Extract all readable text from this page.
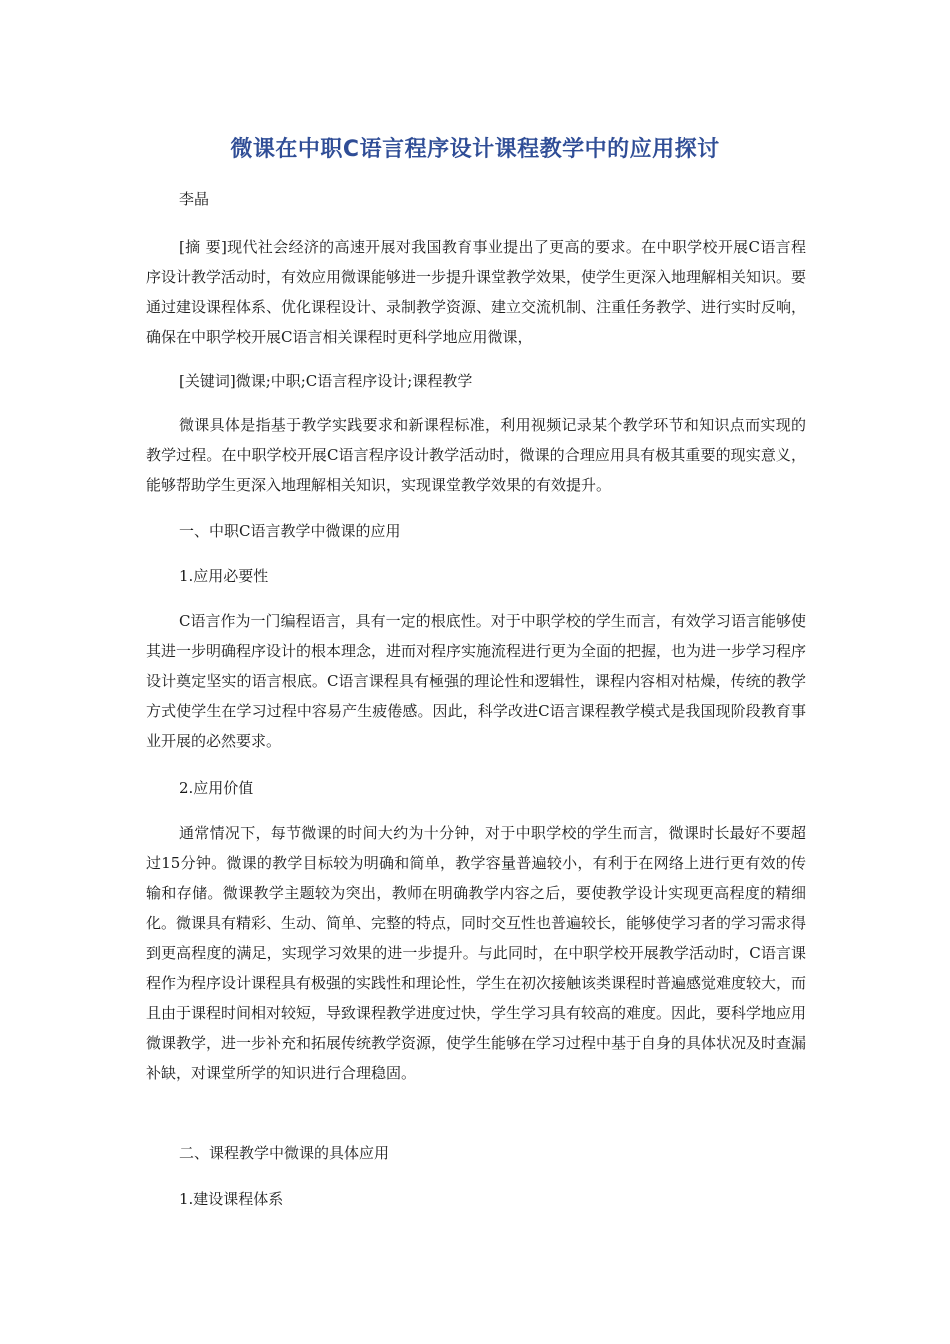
微课在中职C语言程序设计课程教学中的应用探讨
李晶

[摘 要]现代社会经济的高速开展对我国教育事业提出了更高的要求。在中职学校开展C语言程序设计教学活动时，有效应用微课能够进一步提升课堂教学效果，使学生更深入地理解相关知识。要通过建设课程体系、优化课程设计、录制教学资源、建立交流机制、注重任务教学、进行实时反响，确保在中职学校开展C语言相关课程时更科学地应用微课，

[关键词]微课;中职;C语言程序设计;课程教学

微课具体是指基于教学实践要求和新课程标准，利用视频记录某个教学环节和知识点而实现的教学过程。在中职学校开展C语言程序设计教学活动时，微课的合理应用具有极其重要的现实意义，能够帮助学生更深入地理解相关知识，实现课堂教学效果的有效提升。

一、中职C语言教学中微课的应用

1.应用必要性

C语言作为一门编程语言，具有一定的根底性。对于中职学校的学生而言，有效学习语言能够使其进一步明确程序设计的根本理念，进而对程序实施流程进行更为全面的把握，也为进一步学习程序设计奠定坚实的语言根底。C语言课程具有極强的理论性和逻辑性，课程内容相对枯燥，传统的教学方式使学生在学习过程中容易产生疲倦感。因此，科学改进C语言课程教学模式是我国现阶段教育事业开展的必然要求。

2.应用价值

通常情况下，每节微课的时间大约为十分钟，对于中职学校的学生而言，微课时长最好不要超过15分钟。微课的教学目标较为明确和简单，教学容量普遍较小，有利于在网络上进行更有效的传输和存储。微课教学主题较为突出，教师在明确教学内容之后，要使教学设计实现更高程度的精细化。微课具有精彩、生动、简单、完整的特点，同时交互性也普遍较长，能够使学习者的学习需求得到更高程度的满足，实现学习效果的进一步提升。与此同时，在中职学校开展教学活动时，C语言课程作为程序设计课程具有极强的实践性和理论性，学生在初次接触该类课程时普遍感觉难度较大，而且由于课程时间相对较短，导致课程教学进度过快，学生学习具有较高的难度。因此，要科学地应用微课教学，进一步补充和拓展传统教学资源，使学生能够在学习过程中基于自身的具体状况及时查漏补缺，对课堂所学的知识进行合理稳固。

二、课程教学中微课的具体应用

1.建设课程体系
